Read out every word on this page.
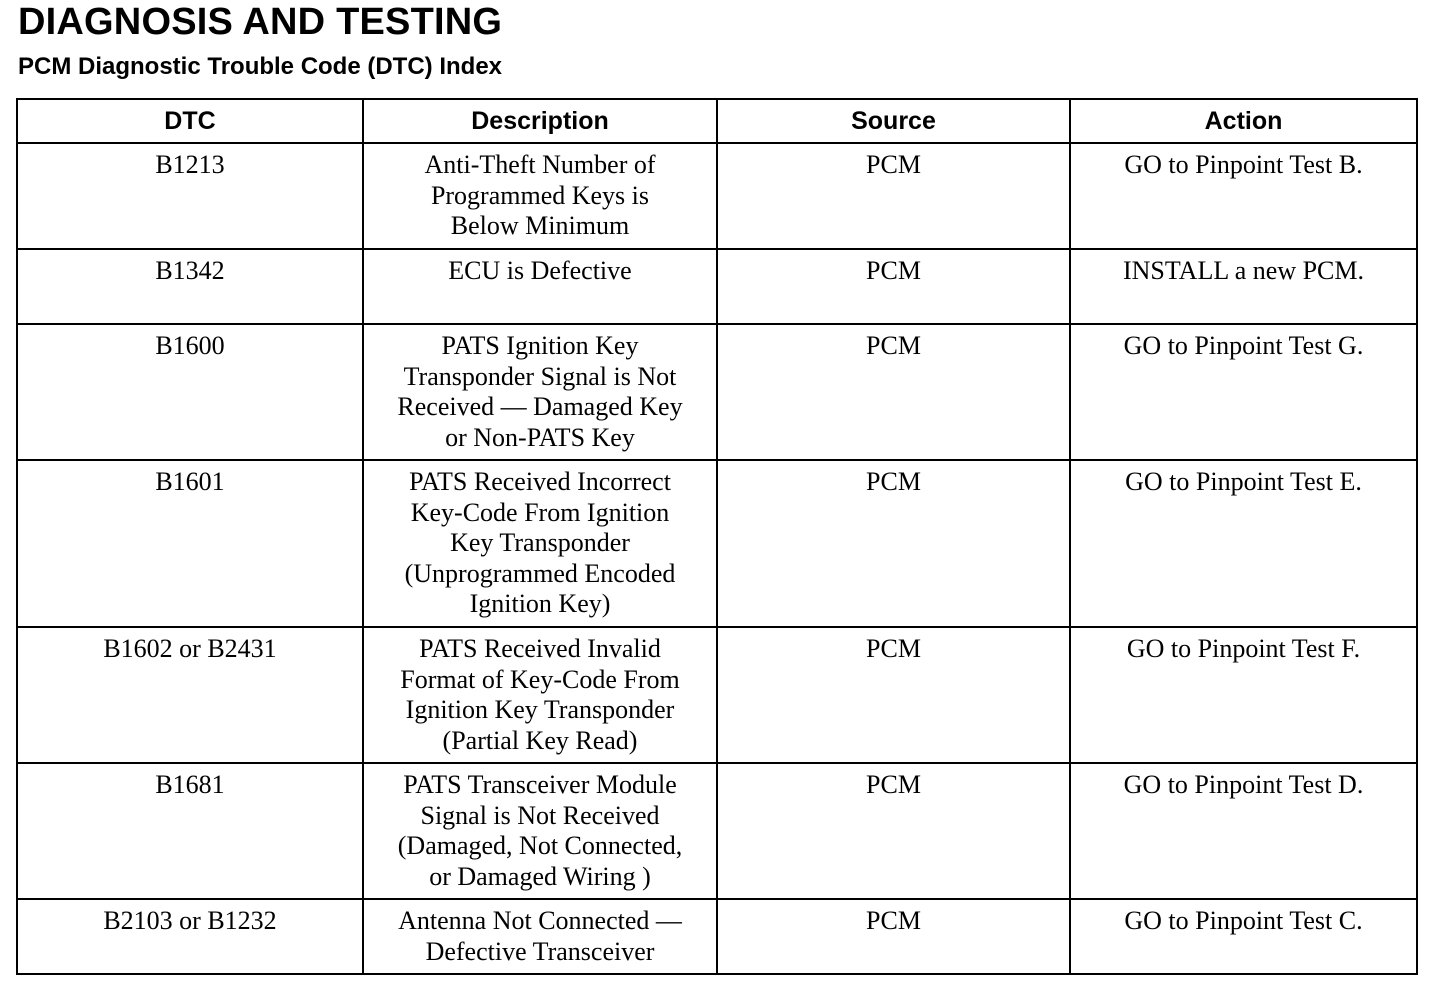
DIAGNOSIS AND TESTING
PCM Diagnostic Trouble Code (DTC) Index
DTC	Description	Source	Action
B1213	Anti-Theft Number of
Programmed Keys is
Below Minimum	PCM	GO to Pinpoint Test B.
B1342	ECU is Defective	PCM	INSTALL a new PCM.
B1600	PATS Ignition Key
Transponder Signal is Not
Received — Damaged Key
or Non-PATS Key	PCM	GO to Pinpoint Test G.
B1601	PATS Received Incorrect
Key-Code From Ignition
Key Transponder
(Unprogrammed Encoded
Ignition Key)	PCM	GO to Pinpoint Test E.
B1602 or B2431	PATS Received Invalid
Format of Key-Code From
Ignition Key Transponder
(Partial Key Read)	PCM	GO to Pinpoint Test F.
B1681	PATS Transceiver Module
Signal is Not Received
(Damaged, Not Connected,
or Damaged Wiring )	PCM	GO to Pinpoint Test D.
B2103 or B1232	Antenna Not Connected —
Defective Transceiver	PCM	GO to Pinpoint Test C.
